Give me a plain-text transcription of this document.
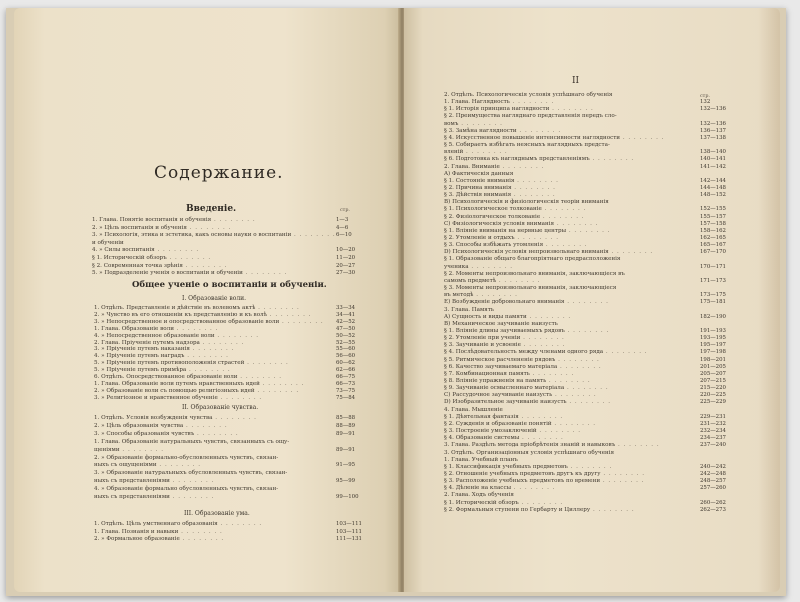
Содержание.
Введеніе.	стр.
1—3
1. Глава. Понятіе воспитанія и обученія . . . . . . . .
4—6
2. » Цѣль воспитанія и обученія . . . . . . . .
6—10
3. » Психологія, этика и эстетика, какъ основы науки о воспитаніи . . . . . . . .
и обученіи
10—20
4. » Силы воспитанія . . . . . . . .
11—20
§ 1. Историческій обзоръ . . . . . . . .
20—27
§ 2. Современная точка зрѣнія . . . . . . . .
27—30
5. » Подразделеніе ученія о воспитаніи и обученіи . . . . . . . .
Общее ученіе о воспитаніи и обученіи.
I. Образованіе воли.
33—34
1. Отдѣлъ. Представленіе и дѣйствіе въ волевомъ актѣ . . . . . . . .
34—41
2. » Чувство въ его отношеніи къ представленію и къ волѣ . . . . . . . .
42—52
3. » Непосредственное и опосредствованное образованіе воли . . . . . . . .
47—50
1. Глава. Образованіе воли . . . . . . . .
50—52
4. » Непосредственное образованіе воли . . . . . . . .
52—55
2. Глава. Пріученіе путемъ надзора . . . . . . . .
55—60
3. » Пріученіе путемъ наказанія . . . . . . . .
56—60
4. » Пріученіе путемъ наградъ . . . . . . . .
60—62
5. » Пріученіе путемъ противоположенія страстей . . . . . . . .
62—66
5. » Пріученіе путемъ примѣра . . . . . . . .
66—75
6. Отдѣлъ. Опосредствованное образованіе воли . . . . . . . .
66—73
1. Глава. Образованіе воли путемъ нравственныхъ идей . . . . . . . .
73—75
2. » Образованіе воли съ помощью религіозныхъ идей . . . . . . . .
75—84
3. » Религіозное и нравственное обученіе . . . . . . . .
II. Образованіе чувства.
85—88
1. Отдѣлъ. Условія возбужденія чувства . . . . . . . .
88—89
2. » Цѣль образованія чувства . . . . . . . .
89—91
3. » Способы образованія чувствъ . . . . . . . .
1. Глава. Образованіе натуральныхъ чувствъ, связанныхъ съ ощу-
89—91
щеніями . . . . . . . .
2. » Образованіе формально-обусловленныхъ чувствъ, связан-
91—95
ныхъ съ ощущеніями . . . . . . . .
3. » Образованіе натуральныхъ обусловленныхъ чувствъ, связан-
95—99
ныхъ съ представленіями . . . . . . . .
4. » Образованіе формально обусловленныхъ чувствъ, связан-
99—100
ныхъ съ представленіями . . . . . . . .
III. Образованіе ума.
103—111
1. Отдѣлъ. Цѣль умственнаго образованія . . . . . . . .
103—111
1. Глава. Познанія и навыки . . . . . . . .
111—131
2. » Формальное образованіе . . . . . . . .
II
стр.
2. Отдѣлъ. Психологическія условія успѣшнаго обученія
132
1. Глава. Наглядность . . . . . . . .
132—136
§ 1. Исторія принципа наглядности . . . . . . . .
§ 2. Преимущества нагляднаго представленія передъ сло-
132—136
вомъ . . . . . . . .
136—137
§ 3. Замѣна наглядности . . . . . . . .
137—138
§ 4. Искусственное повышеніе интенсивности наглядности . . . . . . . .
§ 5. Собираетъ избѣгать неясныхъ наглядныхъ предста-
138—140
вленій . . . . . . . .
140—141
§ 6. Подготовка къ нагляднымъ представленіямъ . . . . . . . .
141—142
2. Глава. Вниманіе . . . . . . . .
A) Фактическія данныя
142—144
§ 1. Состояніе вниманія . . . . . . . .
144—148
§ 2. Причина вниманія . . . . . . . .
148—152
§ 3. Дѣйствія вниманія . . . . . . . .
B) Психологическія и физіологическія теоріи вниманія
152—155
§ 1. Психологическое толкованіе . . . . . . . .
155—157
§ 2. Физіологическое толкованіе . . . . . . . .
157—158
C) Физіологическія условія вниманія . . . . . . . .
158—162
§ 1. Вліяніе вниманія на нервные центры . . . . . . . .
162—165
§ 2. Утомленіе и отдыхъ . . . . . . . .
165—167
§ 3. Способы избѣжать утомленія . . . . . . . .
167—170
D) Психологическія условія непроизвольнаго вниманія . . . . . . . .
§ 1. Образованіе общаго благопріятнаго предрасположенія
170—171
ученика . . . . . . . .
§ 2. Моменты непроизвольнаго вниманія, заключающіеся въ
171—173
самомъ предметѣ . . . . . . . .
§ 3. Моменты непроизвольнаго вниманія, заключающіеся
173—175
въ методѣ . . . . . . . .
175—181
E) Возбужденіе добровольнаго вниманія . . . . . . . .
3. Глава. Память
182—190
A) Сущность и виды памяти . . . . . . . .
B) Механическое заучиваніе наизусть
191—193
§ 1. Вліяніе длины заучиваемыхъ рядовъ . . . . . . . .
193—195
§ 2. Утомленіе при ученіи . . . . . . . .
195—197
§ 3. Заучиваніе и усвоеніе . . . . . . . .
197—198
§ 4. Послѣдовательность между членами одного ряда . . . . . . . .
198—201
§ 5. Ритмическое расчлененіе рядовъ . . . . . . . .
201—205
§ 6. Качество заучиваемаго матеріала . . . . . . . .
205—207
§ 7. Комбинационная память . . . . . . . .
207—215
§ 8. Вліяніе упражненія на память . . . . . . . .
215—220
§ 9. Заучиваніе осмысленнаго матеріала . . . . . . . .
220—225
C) Рассудочное заучиваніе наизусть . . . . . . . .
225—229
D) Изобразительное заучиваніе наизусть . . . . . . . .
4. Глава. Мышленіе
229—231
§ 1. Дѣятельная фантазія . . . . . . . .
231—232
§ 2. Сужденія и образованіе понятій . . . . . . . .
232—234
§ 3. Построеніе умозаключеній . . . . . . . .
234—237
§ 4. Образованіе системы . . . . . . . .
237—240
3. Глава. Раздѣлъ метода пріобрѣтенія знаній и навыковъ . . . . . . . .
3. Отдѣлъ. Организаціонныя условія успѣшнаго обученія
1. Глава. Учебный планъ
240—242
§ 1. Классификація учебныхъ предметовъ . . . . . . . .
242—248
§ 2. Отношеніе учебныхъ предметовъ другъ къ другу . . . . . . . .
248—257
§ 3. Расположеніе учебныхъ предметовъ по времени . . . . . . . .
257—260
§ 4. Дѣленіе на классы . . . . . . . .
2. Глава. Ходъ обученія
260—262
§ 1. Историческій обзоръ . . . . . . . .
262—273
§ 2. Формальныя ступени по Гербарту и Циллеру . . . . . . . .
